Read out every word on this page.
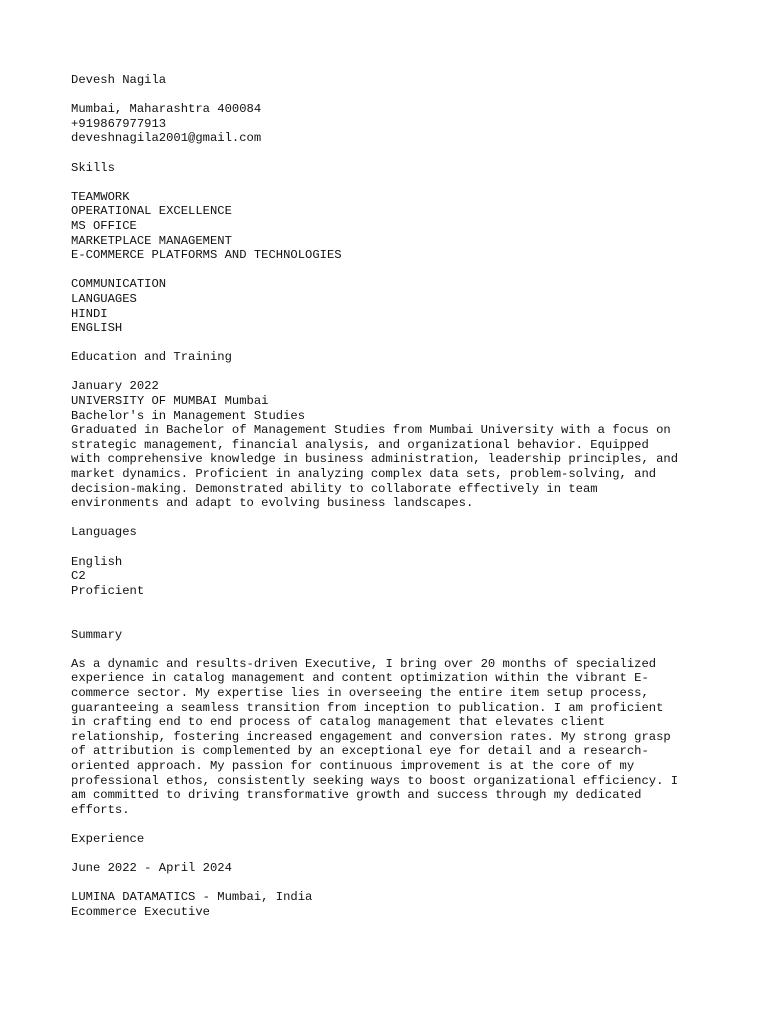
Devesh Nagila
Mumbai, Maharashtra 400084
+919867977913
deveshnagila2001@gmail.com
Skills
TEAMWORK
OPERATIONAL EXCELLENCE
MS OFFICE
MARKETPLACE MANAGEMENT
E-COMMERCE PLATFORMS AND TECHNOLOGIES
COMMUNICATION
LANGUAGES
HINDI
ENGLISH
Education and Training
January 2022
UNIVERSITY OF MUMBAI Mumbai
Bachelor's in Management Studies
Graduated in Bachelor of Management Studies from Mumbai University with a focus on
strategic management, financial analysis, and organizational behavior. Equipped
with comprehensive knowledge in business administration, leadership principles, and
market dynamics. Proficient in analyzing complex data sets, problem-solving, and
decision-making. Demonstrated ability to collaborate effectively in team
environments and adapt to evolving business landscapes.
Languages
English
C2
Proficient
Summary
As a dynamic and results-driven Executive, I bring over 20 months of specialized
experience in catalog management and content optimization within the vibrant E-
commerce sector. My expertise lies in overseeing the entire item setup process,
guaranteeing a seamless transition from inception to publication. I am proficient
in crafting end to end process of catalog management that elevates client
relationship, fostering increased engagement and conversion rates. My strong grasp
of attribution is complemented by an exceptional eye for detail and a research-
oriented approach. My passion for continuous improvement is at the core of my
professional ethos, consistently seeking ways to boost organizational efficiency. I
am committed to driving transformative growth and success through my dedicated
efforts.
Experience
June 2022 - April 2024
LUMINA DATAMATICS - Mumbai, India
Ecommerce Executive
